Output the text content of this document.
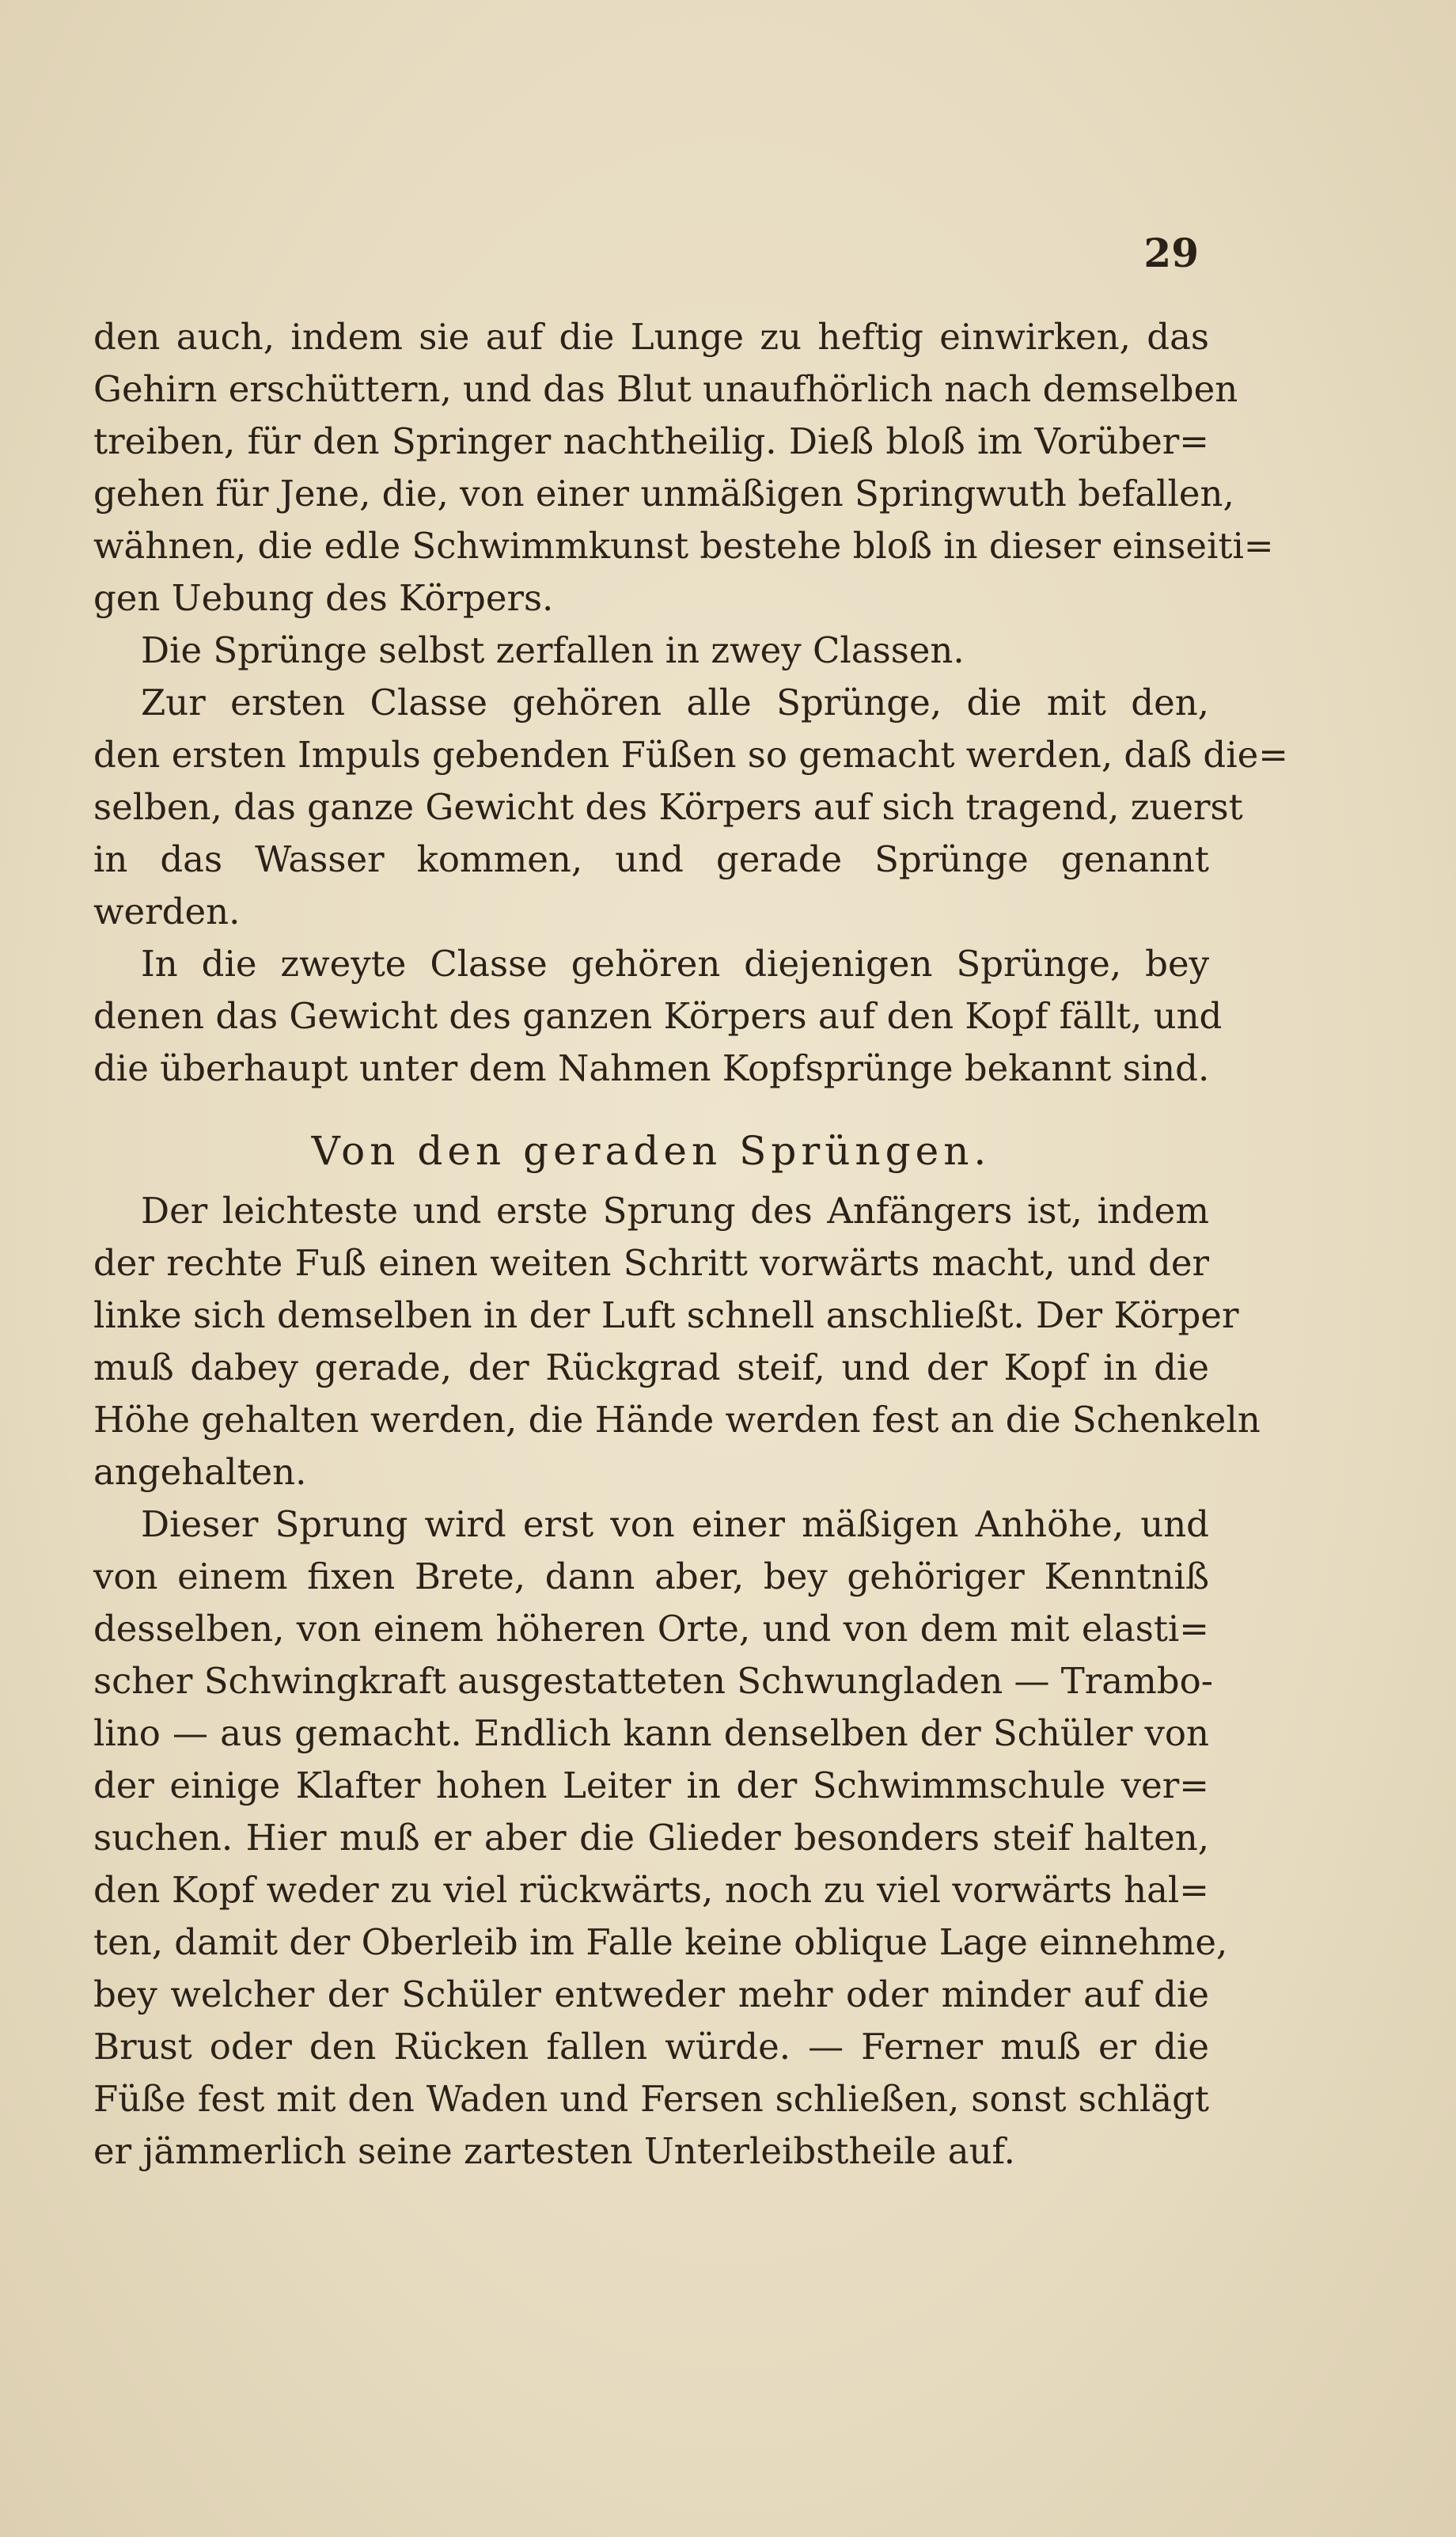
29
den auch, indem sie auf die Lunge zu heftig einwirken, das
Gehirn erschüttern, und das Blut unaufhörlich nach demselben
treiben, für den Springer nachtheilig. Dieß bloß im Vorüber=
gehen für Jene, die, von einer unmäßigen Springwuth befallen,
wähnen, die edle Schwimmkunst bestehe bloß in dieser einseiti=
gen Uebung des Körpers.
Die Sprünge selbst zerfallen in zwey Classen.
Zur ersten Classe gehören alle Sprünge, die mit den,
den ersten Impuls gebenden Füßen so gemacht werden, daß die=
selben, das ganze Gewicht des Körpers auf sich tragend, zuerst
in das Wasser kommen, und gerade Sprünge genannt
werden.
In die zweyte Classe gehören diejenigen Sprünge, bey
denen das Gewicht des ganzen Körpers auf den Kopf fällt, und
die überhaupt unter dem Nahmen Kopfsprünge bekannt sind.
Von den geraden Sprüngen.
Der leichteste und erste Sprung des Anfängers ist, indem
der rechte Fuß einen weiten Schritt vorwärts macht, und der
linke sich demselben in der Luft schnell anschließt. Der Körper
muß dabey gerade, der Rückgrad steif, und der Kopf in die
Höhe gehalten werden, die Hände werden fest an die Schenkeln
angehalten.
Dieser Sprung wird erst von einer mäßigen Anhöhe, und
von einem fixen Brete, dann aber, bey gehöriger Kenntniß
desselben, von einem höheren Orte, und von dem mit elasti=
scher Schwingkraft ausgestatteten Schwungladen — Trambo-
lino — aus gemacht. Endlich kann denselben der Schüler von
der einige Klafter hohen Leiter in der Schwimmschule ver=
suchen. Hier muß er aber die Glieder besonders steif halten,
den Kopf weder zu viel rückwärts, noch zu viel vorwärts hal=
ten, damit der Oberleib im Falle keine oblique Lage einnehme,
bey welcher der Schüler entweder mehr oder minder auf die
Brust oder den Rücken fallen würde. — Ferner muß er die
Füße fest mit den Waden und Fersen schließen, sonst schlägt
er jämmerlich seine zartesten Unterleibstheile auf.
